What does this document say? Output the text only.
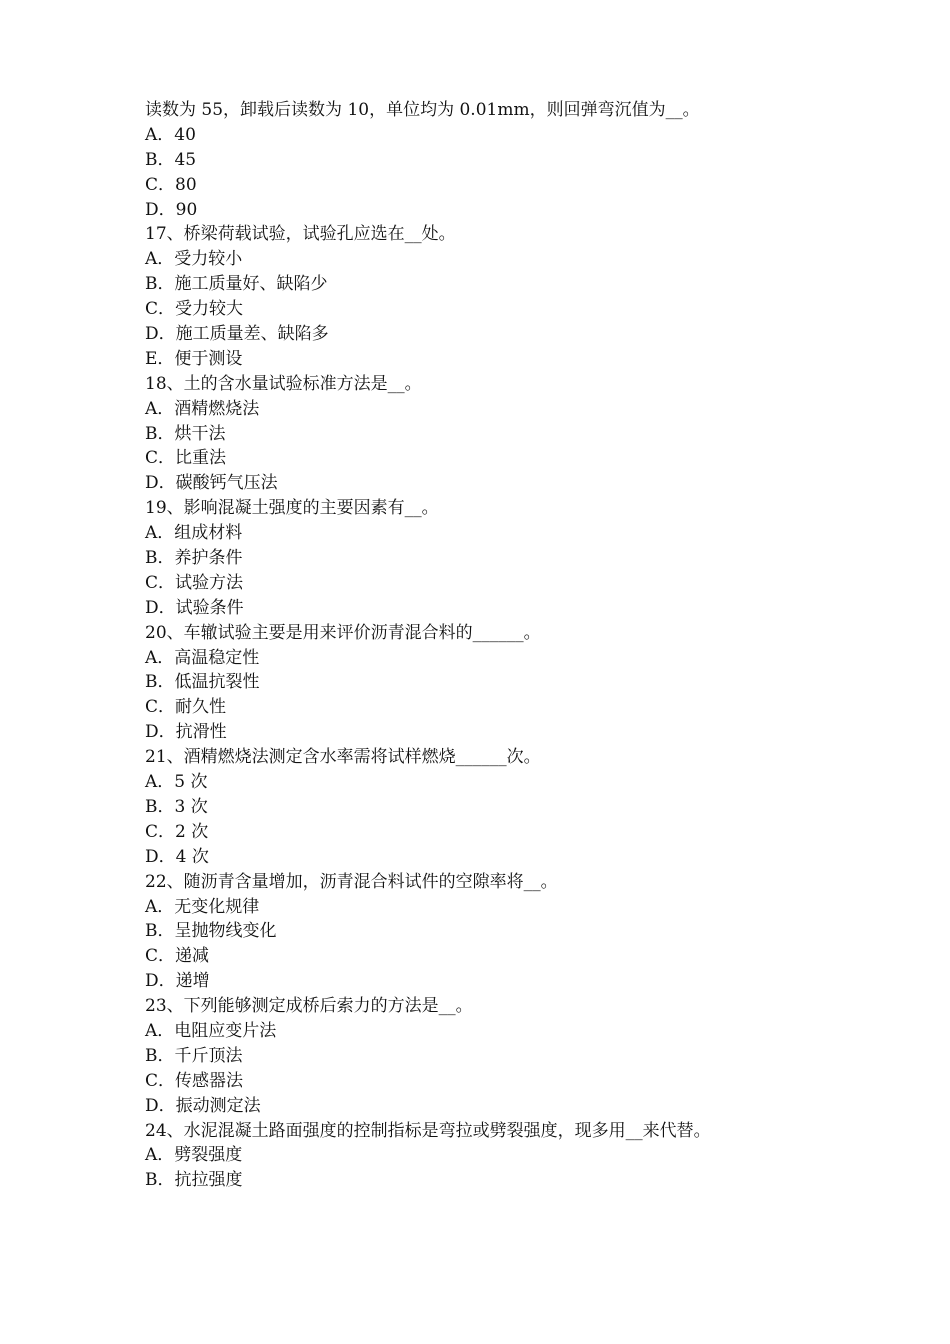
读数为 55，卸载后读数为 10，单位均为 0.01mm，则回弹弯沉值为__。
A．40
B．45
C．80
D．90
17、桥梁荷载试验，试验孔应选在__处。
A．受力较小
B．施工质量好、缺陷少
C．受力较大
D．施工质量差、缺陷多
E．便于测设
18、土的含水量试验标准方法是__。
A．酒精燃烧法
B．烘干法
C．比重法
D．碳酸钙气压法
19、影响混凝土强度的主要因素有__。
A．组成材料
B．养护条件
C．试验方法
D．试验条件
20、车辙试验主要是用来评价沥青混合料的______。
A．高温稳定性
B．低温抗裂性
C．耐久性
D．抗滑性
21、酒精燃烧法测定含水率需将试样燃烧______次。
A．5 次
B．3 次
C．2 次
D．4 次
22、随沥青含量增加，沥青混合料试件的空隙率将__。
A．无变化规律
B．呈抛物线变化
C．递减
D．递增
23、下列能够测定成桥后索力的方法是__。
A．电阻应变片法
B．千斤顶法
C．传感器法
D．振动测定法
24、水泥混凝土路面强度的控制指标是弯拉或劈裂强度，现多用__来代替。
A．劈裂强度
B．抗拉强度
